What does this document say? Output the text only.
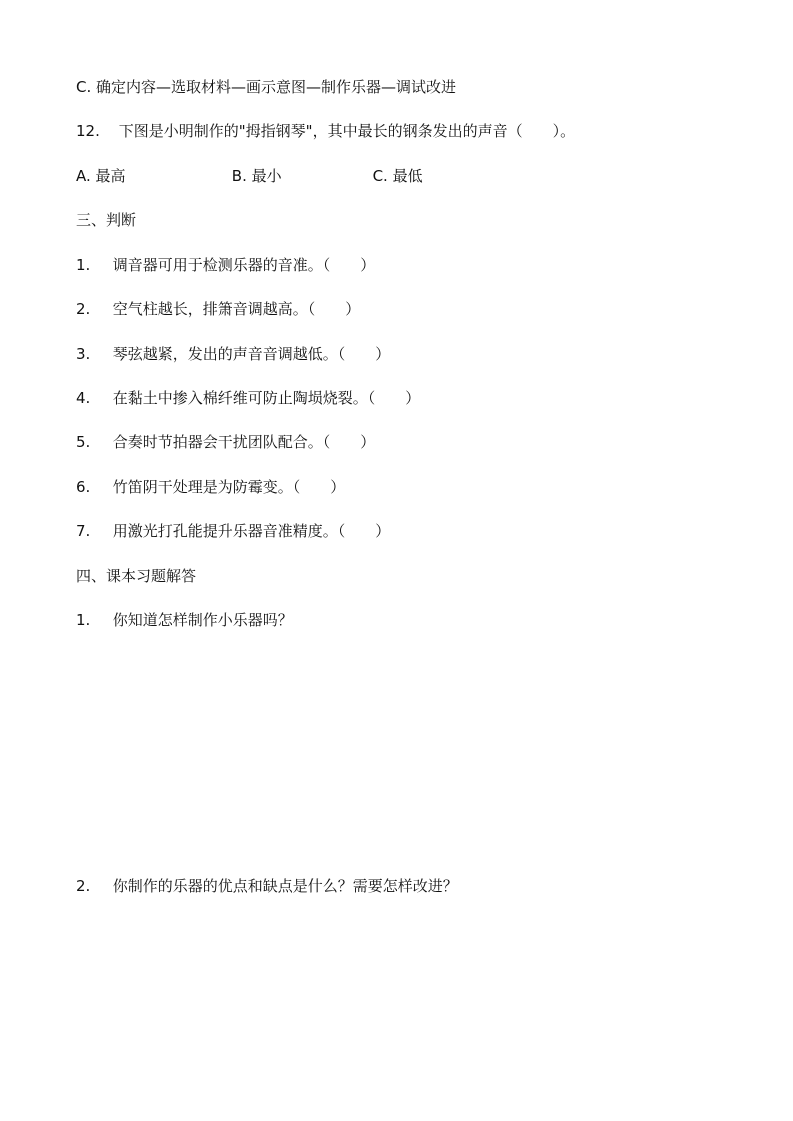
C. 确定内容—选取材料—画示意图—制作乐器—调试改进
12. 下图是小明制作的"拇指钢琴"，其中最长的钢条发出的声音（　　）。
A. 最高	B. 最小	C. 最低
三、判断
1. 调音器可用于检测乐器的音准。（　　）
2. 空气柱越长，排箫音调越高。（　　）
3. 琴弦越紧，发出的声音音调越低。（　　）
4. 在黏土中掺入棉纤维可防止陶埙烧裂。（　　）
5. 合奏时节拍器会干扰团队配合。（　　）
6. 竹笛阴干处理是为防霉变。（　　）
7. 用激光打孔能提升乐器音准精度。（　　）
四、课本习题解答
1. 你知道怎样制作小乐器吗？
2. 你制作的乐器的优点和缺点是什么？需要怎样改进？
